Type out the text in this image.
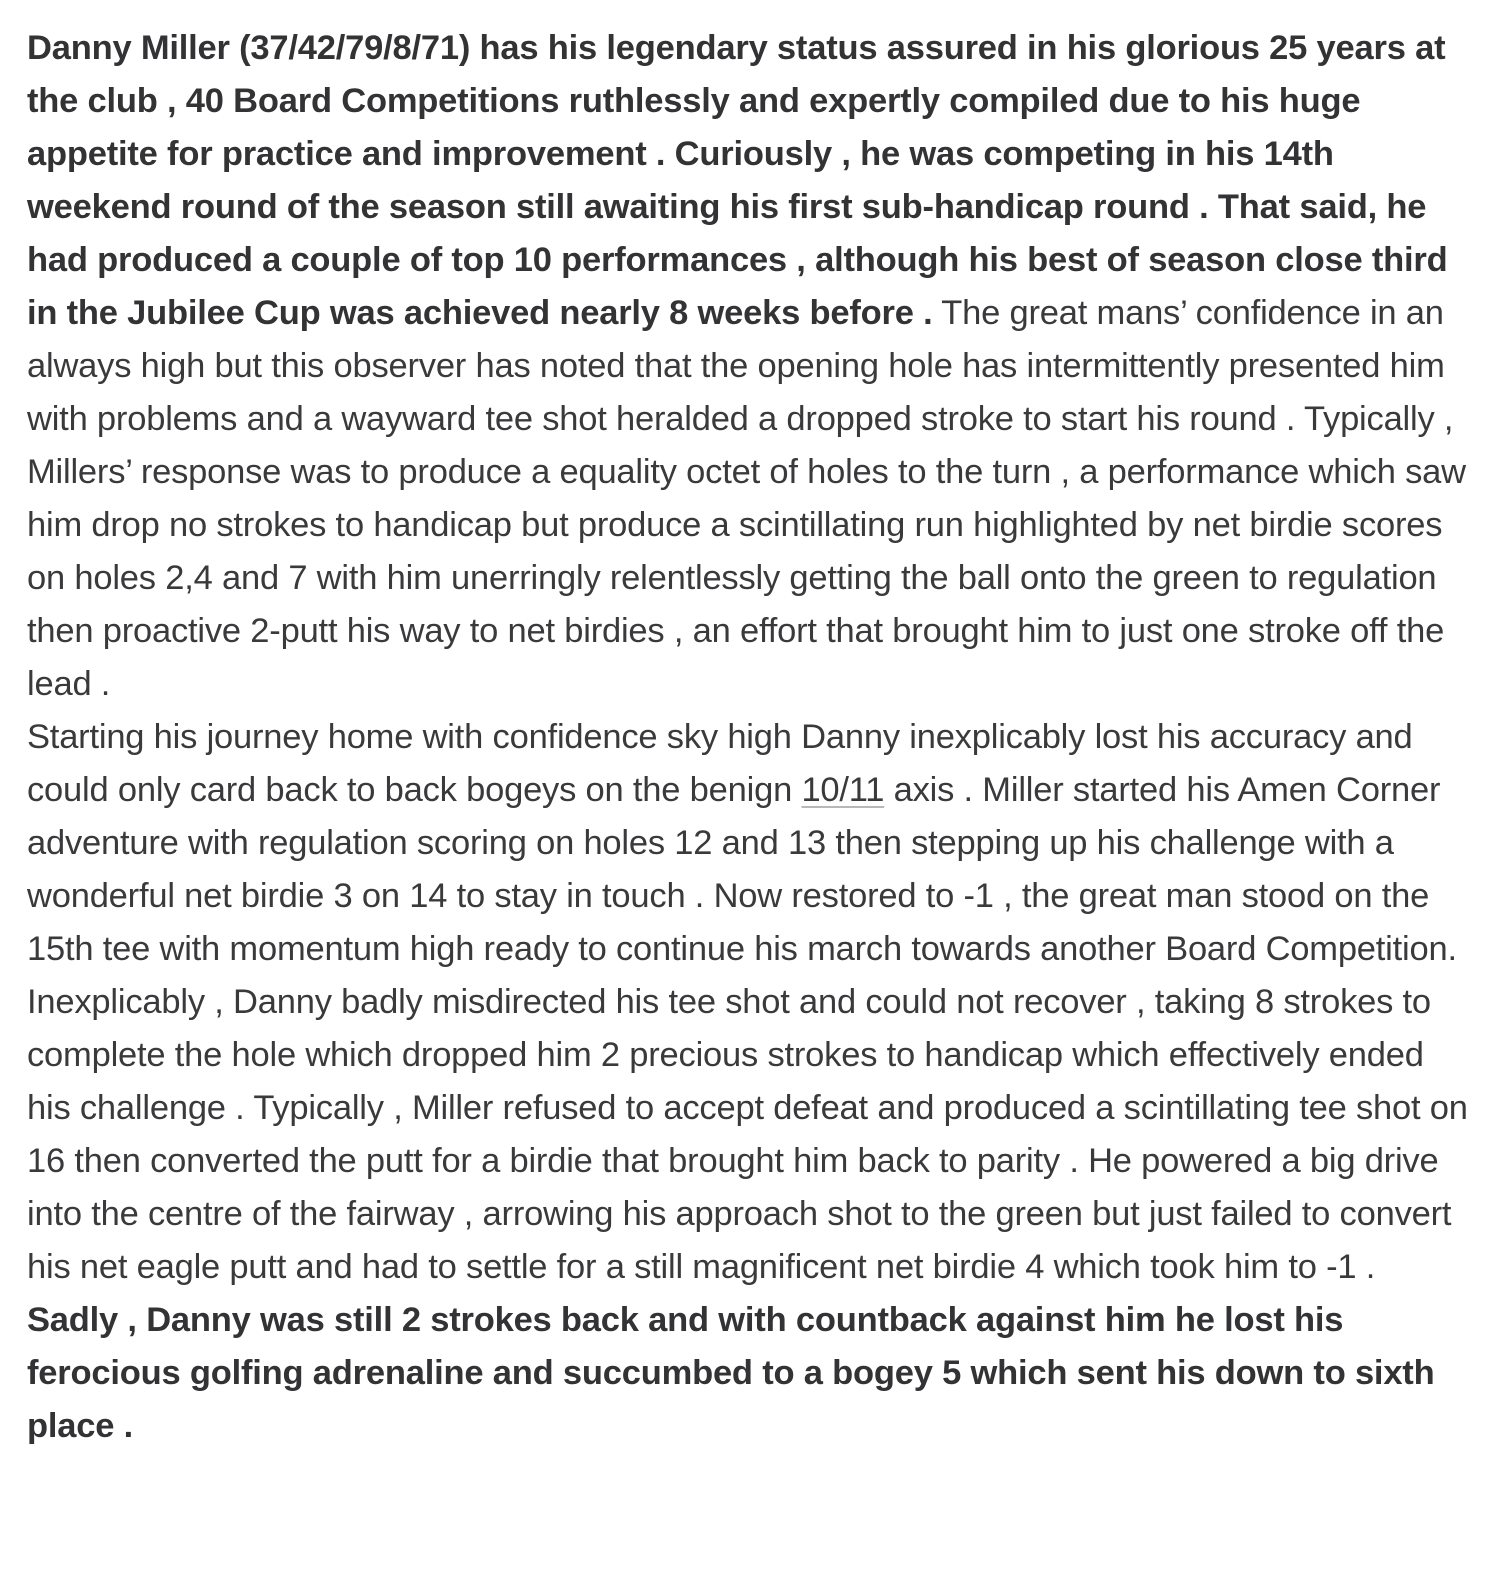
Danny Miller (37/42/79/8/71) has his legendary status assured in his glorious 25 years at the club , 40 Board Competitions ruthlessly and expertly compiled due to his huge appetite for practice and improvement . Curiously , he was competing in his 14th weekend round of the season still awaiting his first sub-handicap round . That said, he had produced a couple of top 10 performances , although his best of season close third in the Jubilee Cup was achieved nearly 8 weeks before . The great mans’ confidence in an always high but this observer has noted that the opening hole has intermittently presented him with problems and a wayward tee shot heralded a dropped stroke to start his round . Typically , Millers’ response was to produce a equality octet of holes to the turn , a performance which saw him drop no strokes to handicap but produce a scintillating run highlighted by net birdie scores on holes 2,4 and 7 with him unerringly relentlessly getting the ball onto the green to regulation then proactive 2-putt his way to net birdies , an effort that brought him to just one stroke off the lead .

Starting his journey home with confidence sky high Danny inexplicably lost his accuracy and could only card back to back bogeys on the benign 10/11 axis . Miller started his Amen Corner adventure with regulation scoring on holes 12 and 13 then stepping up his challenge with a wonderful net birdie 3 on 14 to stay in touch . Now restored to -1 , the great man stood on the 15th tee with momentum high ready to continue his march towards another Board Competition. Inexplicably , Danny badly misdirected his tee shot and could not recover , taking 8 strokes to complete the hole which dropped him 2 precious strokes to handicap which effectively ended his challenge . Typically , Miller refused to accept defeat and produced a scintillating tee shot on 16 then converted the putt for a birdie that brought him back to parity . He powered a big drive into the centre of the fairway , arrowing his approach shot to the green but just failed to convert his net eagle putt and had to settle for a still magnificent net birdie 4 which took him to -1 . Sadly , Danny was still 2 strokes back and with countback against him he lost his ferocious golfing adrenaline and succumbed to a bogey 5 which sent his down to sixth place .
